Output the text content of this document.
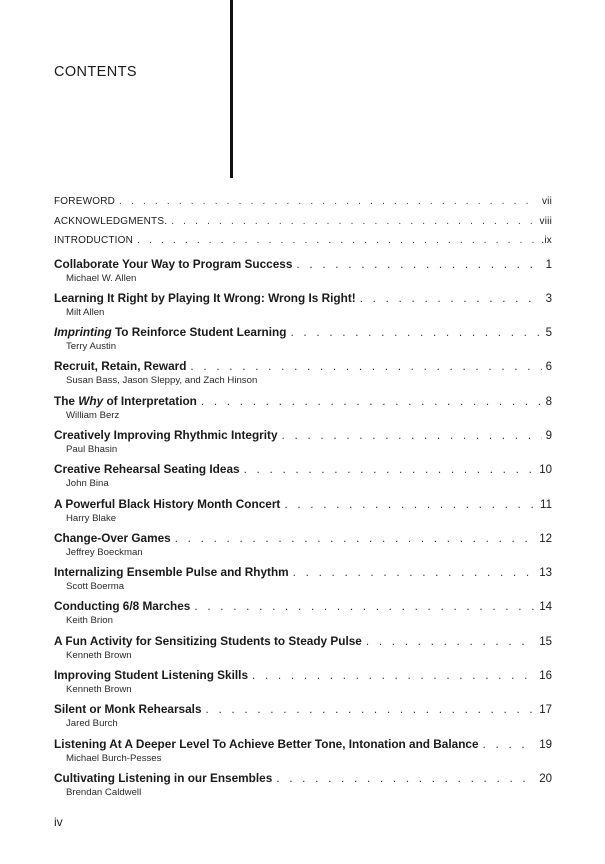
CONTENTS
FOREWORD . . .	vii
ACKNOWLEDGMENTS. . . .	viii
INTRODUCTION . . .	.ix
Collaborate Your Way to Program Success . . .	1
Michael W. Allen
Learning It Right by Playing It Wrong: Wrong Is Right! . . .	3
Milt Allen
Imprinting To Reinforce Student Learning . . .	5
Terry Austin
Recruit, Retain, Reward . . .	6
Susan Bass, Jason Sleppy, and Zach Hinson
The Why of Interpretation . . .	8
William Berz
Creatively Improving Rhythmic Integrity . . .	9
Paul Bhasin
Creative Rehearsal Seating Ideas . . .	10
John Bina
A Powerful Black History Month Concert . . .	11
Harry Blake
Change-Over Games . . .	12
Jeffrey Boeckman
Internalizing Ensemble Pulse and Rhythm . . .	13
Scott Boerma
Conducting 6/8 Marches . . .	14
Keith Brion
A Fun Activity for Sensitizing Students to Steady Pulse . . .	15
Kenneth Brown
Improving Student Listening Skills . . .	16
Kenneth Brown
Silent or Monk Rehearsals . . .	17
Jared Burch
Listening At A Deeper Level To Achieve Better Tone, Intonation and Balance . . .	19
Michael Burch-Pesses
Cultivating Listening in our Ensembles . . .	20
Brendan Caldwell
iv
